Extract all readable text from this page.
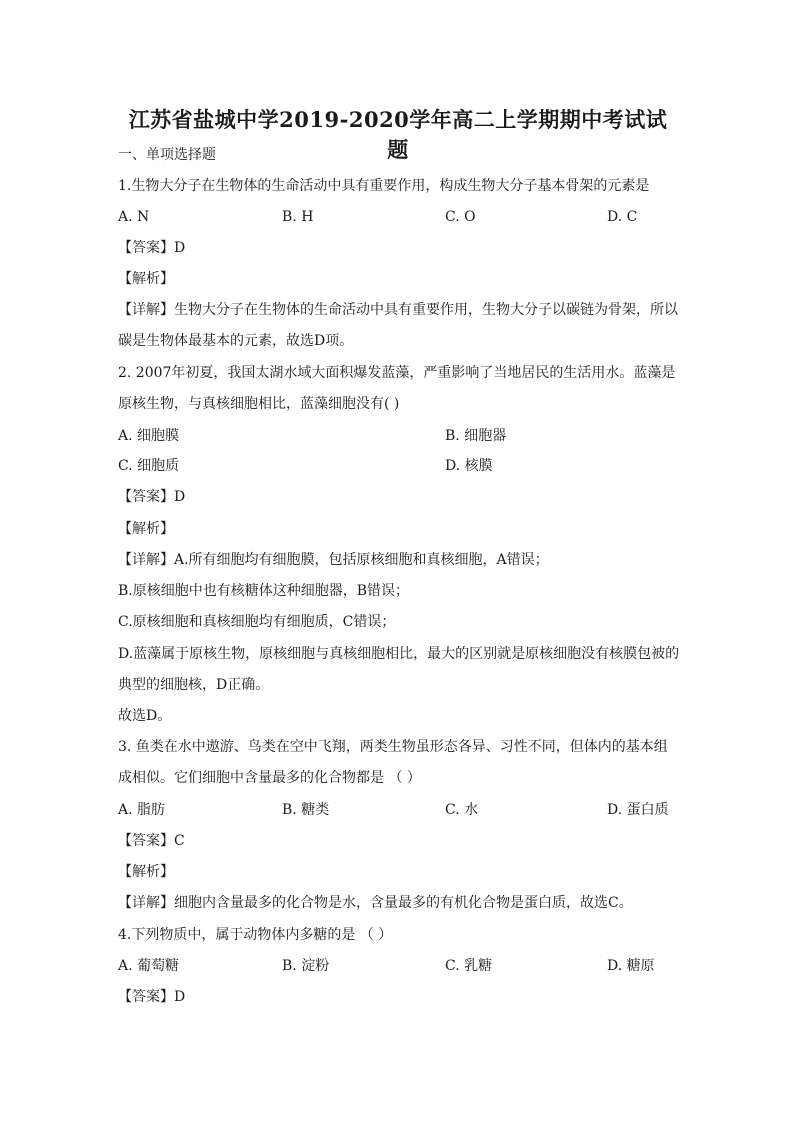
江苏省盐城中学2019-2020学年高二上学期期中考试试题
一、单项选择题
1.生物大分子在生物体的生命活动中具有重要作用，构成生物大分子基本骨架的元素是
A. N	B. H	C. O	D. C
【答案】D
【解析】
【详解】生物大分子在生物体的生命活动中具有重要作用，生物大分子以碳链为骨架，所以
碳是生物体最基本的元素，故选D项。
2. 2007年初夏，我国太湖水域大面积爆发蓝藻，严重影响了当地居民的生活用水。蓝藻是
原核生物，与真核细胞相比，蓝藻细胞没有( )
A. 细胞膜	B. 细胞器
C. 细胞质	D. 核膜
【答案】D
【解析】
【详解】A.所有细胞均有细胞膜，包括原核细胞和真核细胞，A错误；
B.原核细胞中也有核糖体这种细胞器，B错误；
C.原核细胞和真核细胞均有细胞质，C错误；
D.蓝藻属于原核生物，原核细胞与真核细胞相比，最大的区别就是原核细胞没有核膜包被的
典型的细胞核，D正确。
故选D。
3. 鱼类在水中遨游、鸟类在空中飞翔，两类生物虽形态各异、习性不同，但体内的基本组
成相似。它们细胞中含量最多的化合物都是 （ ）
A. 脂肪	B. 糖类	C. 水	D. 蛋白质
【答案】C
【解析】
【详解】细胞内含量最多的化合物是水，含量最多的有机化合物是蛋白质，故选C。
4.下列物质中，属于动物体内多糖的是 （ ）
A. 葡萄糖	B. 淀粉	C. 乳糖	D. 糖原
【答案】D
